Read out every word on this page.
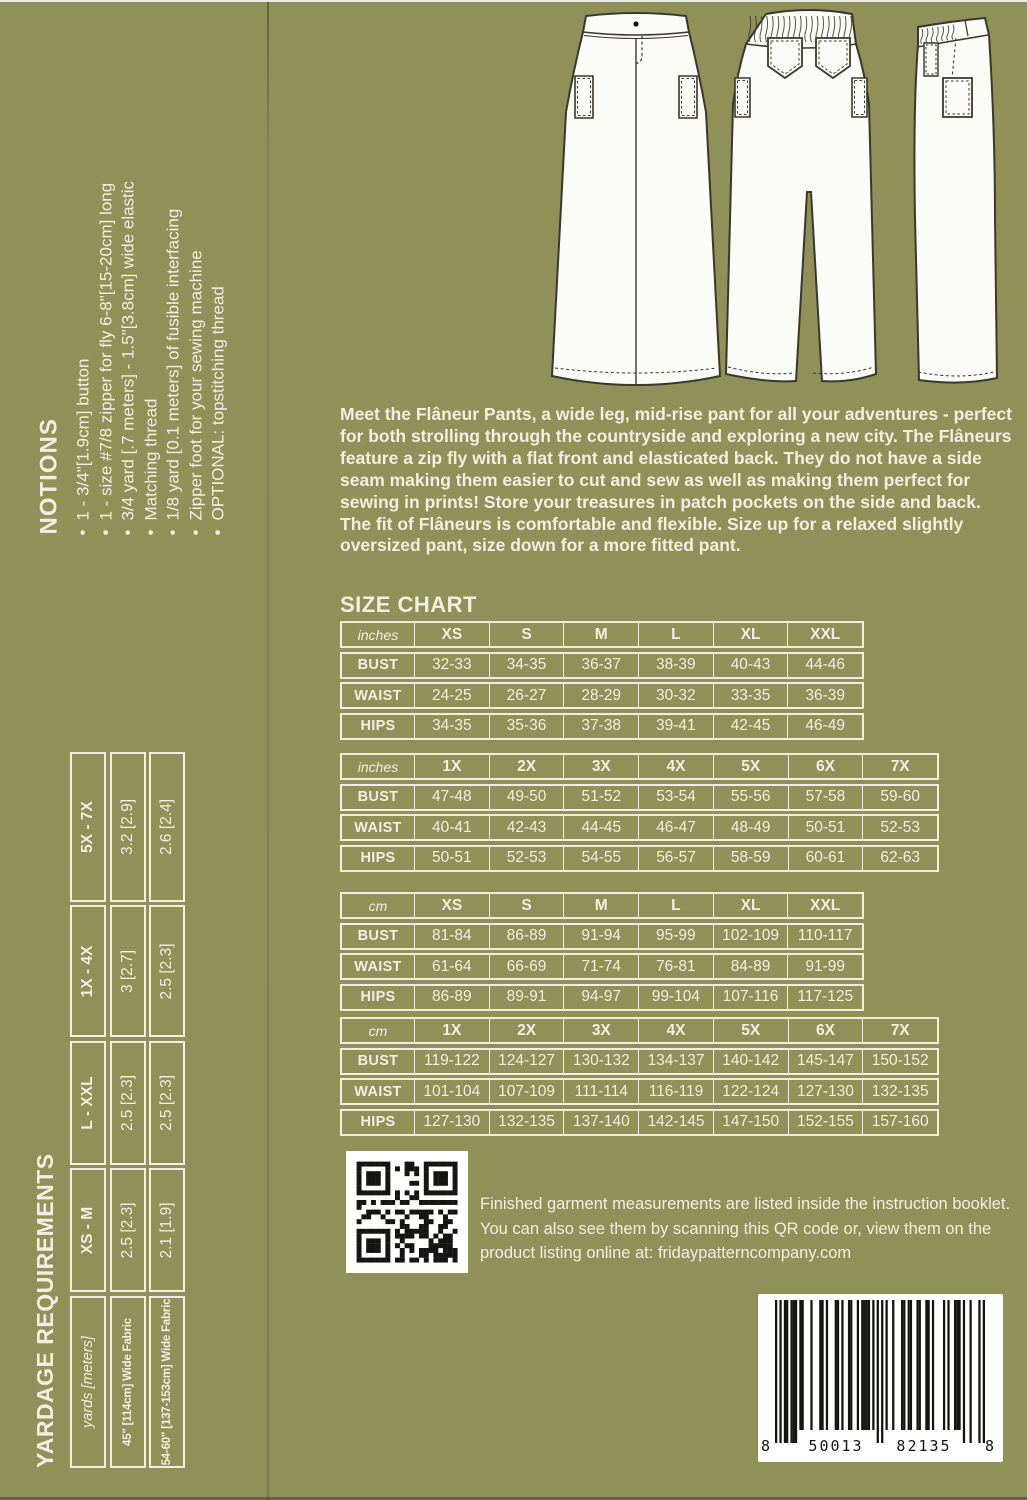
NOTIONS • 1 - 3/4"[1.9cm] button • 1 - size #7/8 zipper for fly 6-8"[15-20cm] long • 3/4 yard [.7 meters] - 1.5"[3.8cm] wide elastic • Matching thread • 1/8 yard [0.1 meters] of fusible interfacing • Zipper foot for your sewing machine • OPTIONAL: topstitching thread
YARDAGE REQUIREMENTS	yards [meters]	45" [114cm] Wide Fabric	54-60" [137-153cm] Wide Fabric
XS - M	2.5 [2.3]	2.1 [1.9]
L - XXL	2.5 [2.3]	2.5 [2.3]
1X - 4X	3 [2.7]	2.5 [2.3]
5X - 7X	3.2 [2.9]	2.6 [2.4]

Meet the Flâneur Pants, a wide leg, mid-rise pant for all your adventures - perfect for both strolling through the countryside and exploring a new city. The Flâneurs feature a zip fly with a flat front and elasticated back. They do not have a side seam making them easier to cut and sew as well as making them perfect for sewing in prints! Store your treasures in patch pockets on the side and back. The fit of Flâneurs is comfortable and flexible. Size up for a relaxed slightly oversized pant, size down for a more fitted pant.

SIZE CHART
inches	XS	S	M	L	XL	XXL
BUST	32-33	34-35	36-37	38-39	40-43	44-46
WAIST	24-25	26-27	28-29	30-32	33-35	36-39
HIPS	34-35	35-36	37-38	39-41	42-45	46-49
inches	1X	2X	3X	4X	5X	6X	7X
BUST	47-48	49-50	51-52	53-54	55-56	57-58	59-60
WAIST	40-41	42-43	44-45	46-47	48-49	50-51	52-53
HIPS	50-51	52-53	54-55	56-57	58-59	60-61	62-63
cm	XS	S	M	L	XL	XXL
BUST	81-84	86-89	91-94	95-99	102-109	110-117
WAIST	61-64	66-69	71-74	76-81	84-89	91-99
HIPS	86-89	89-91	94-97	99-104	107-116	117-125
cm	1X	2X	3X	4X	5X	6X	7X
BUST	119-122	124-127	130-132	134-137	140-142	145-147	150-152
WAIST	101-104	107-109	111-114	116-119	122-124	127-130	132-135
HIPS	127-130	132-135	137-140	142-145	147-150	152-155	157-160

Finished garment measurements are listed inside the instruction booklet. You can also see them by scanning this QR code or, view them on the product listing online at: fridaypatterncompany.com

8	50013	82135	8
